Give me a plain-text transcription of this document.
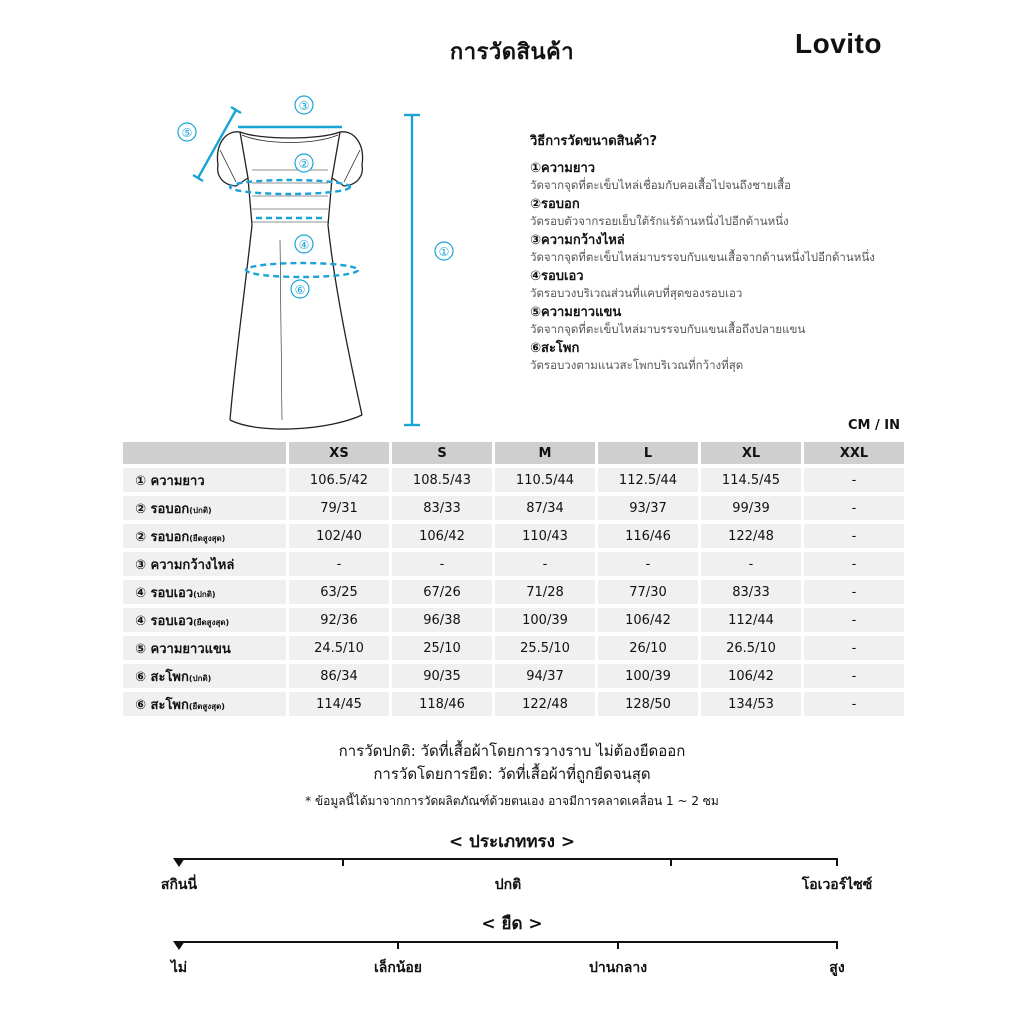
การวัดสินค้า	Lovito
③
⑤
②
④
⑥
①
วิธีการวัดขนาดสินค้า?
①ความยาว
วัดจากจุดที่ตะเข็บไหล่เชื่อมกับคอเสื้อไปจนถึงชายเสื้อ
②รอบอก
วัดรอบตัวจากรอยเย็บใต้รักแร้ด้านหนึ่งไปอีกด้านหนึ่ง
③ความกว้างไหล่
วัดจากจุดที่ตะเข็บไหล่มาบรรจบกับแขนเสื้อจากด้านหนึ่งไปอีกด้านหนึ่ง
④รอบเอว
วัดรอบวงบริเวณส่วนที่แคบที่สุดของรอบเอว
⑤ความยาวแขน
วัดจากจุดที่ตะเข็บไหล่มาบรรจบกับแขนเสื้อถึงปลายแขน
⑥สะโพก
วัดรอบวงตามแนวสะโพกบริเวณที่กว้างที่สุด
CM / IN
	XS	S	M	L	XL	XXL
① ความยาว	106.5/42	108.5/43	110.5/44	112.5/44	114.5/45	-
② รอบอก(ปกติ)	79/31	83/33	87/34	93/37	99/39	-
② รอบอก(ยืดสูงสุด)	102/40	106/42	110/43	116/46	122/48	-
③ ความกว้างไหล่	-	-	-	-	-	-
④ รอบเอว(ปกติ)	63/25	67/26	71/28	77/30	83/33	-
④ รอบเอว(ยืดสูงสุด)	92/36	96/38	100/39	106/42	112/44	-
⑤ ความยาวแขน	24.5/10	25/10	25.5/10	26/10	26.5/10	-
⑥ สะโพก(ปกติ)	86/34	90/35	94/37	100/39	106/42	-
⑥ สะโพก(ยืดสูงสุด)	114/45	118/46	122/48	128/50	134/53	-
การวัดปกติ: วัดที่เสื้อผ้าโดยการวางราบ ไม่ต้องยืดออก
การวัดโดยการยืด: วัดที่เสื้อผ้าที่ถูกยืดจนสุด
* ข้อมูลนี้ได้มาจากการวัดผลิตภัณฑ์ด้วยตนเอง อาจมีการคลาดเคลื่อน 1 ~ 2 ซม
< ประเภททรง >
สกินนี่	ปกติ	โอเวอร์ไซซ์
< ยืด >
ไม่	เล็กน้อย	ปานกลาง	สูง
